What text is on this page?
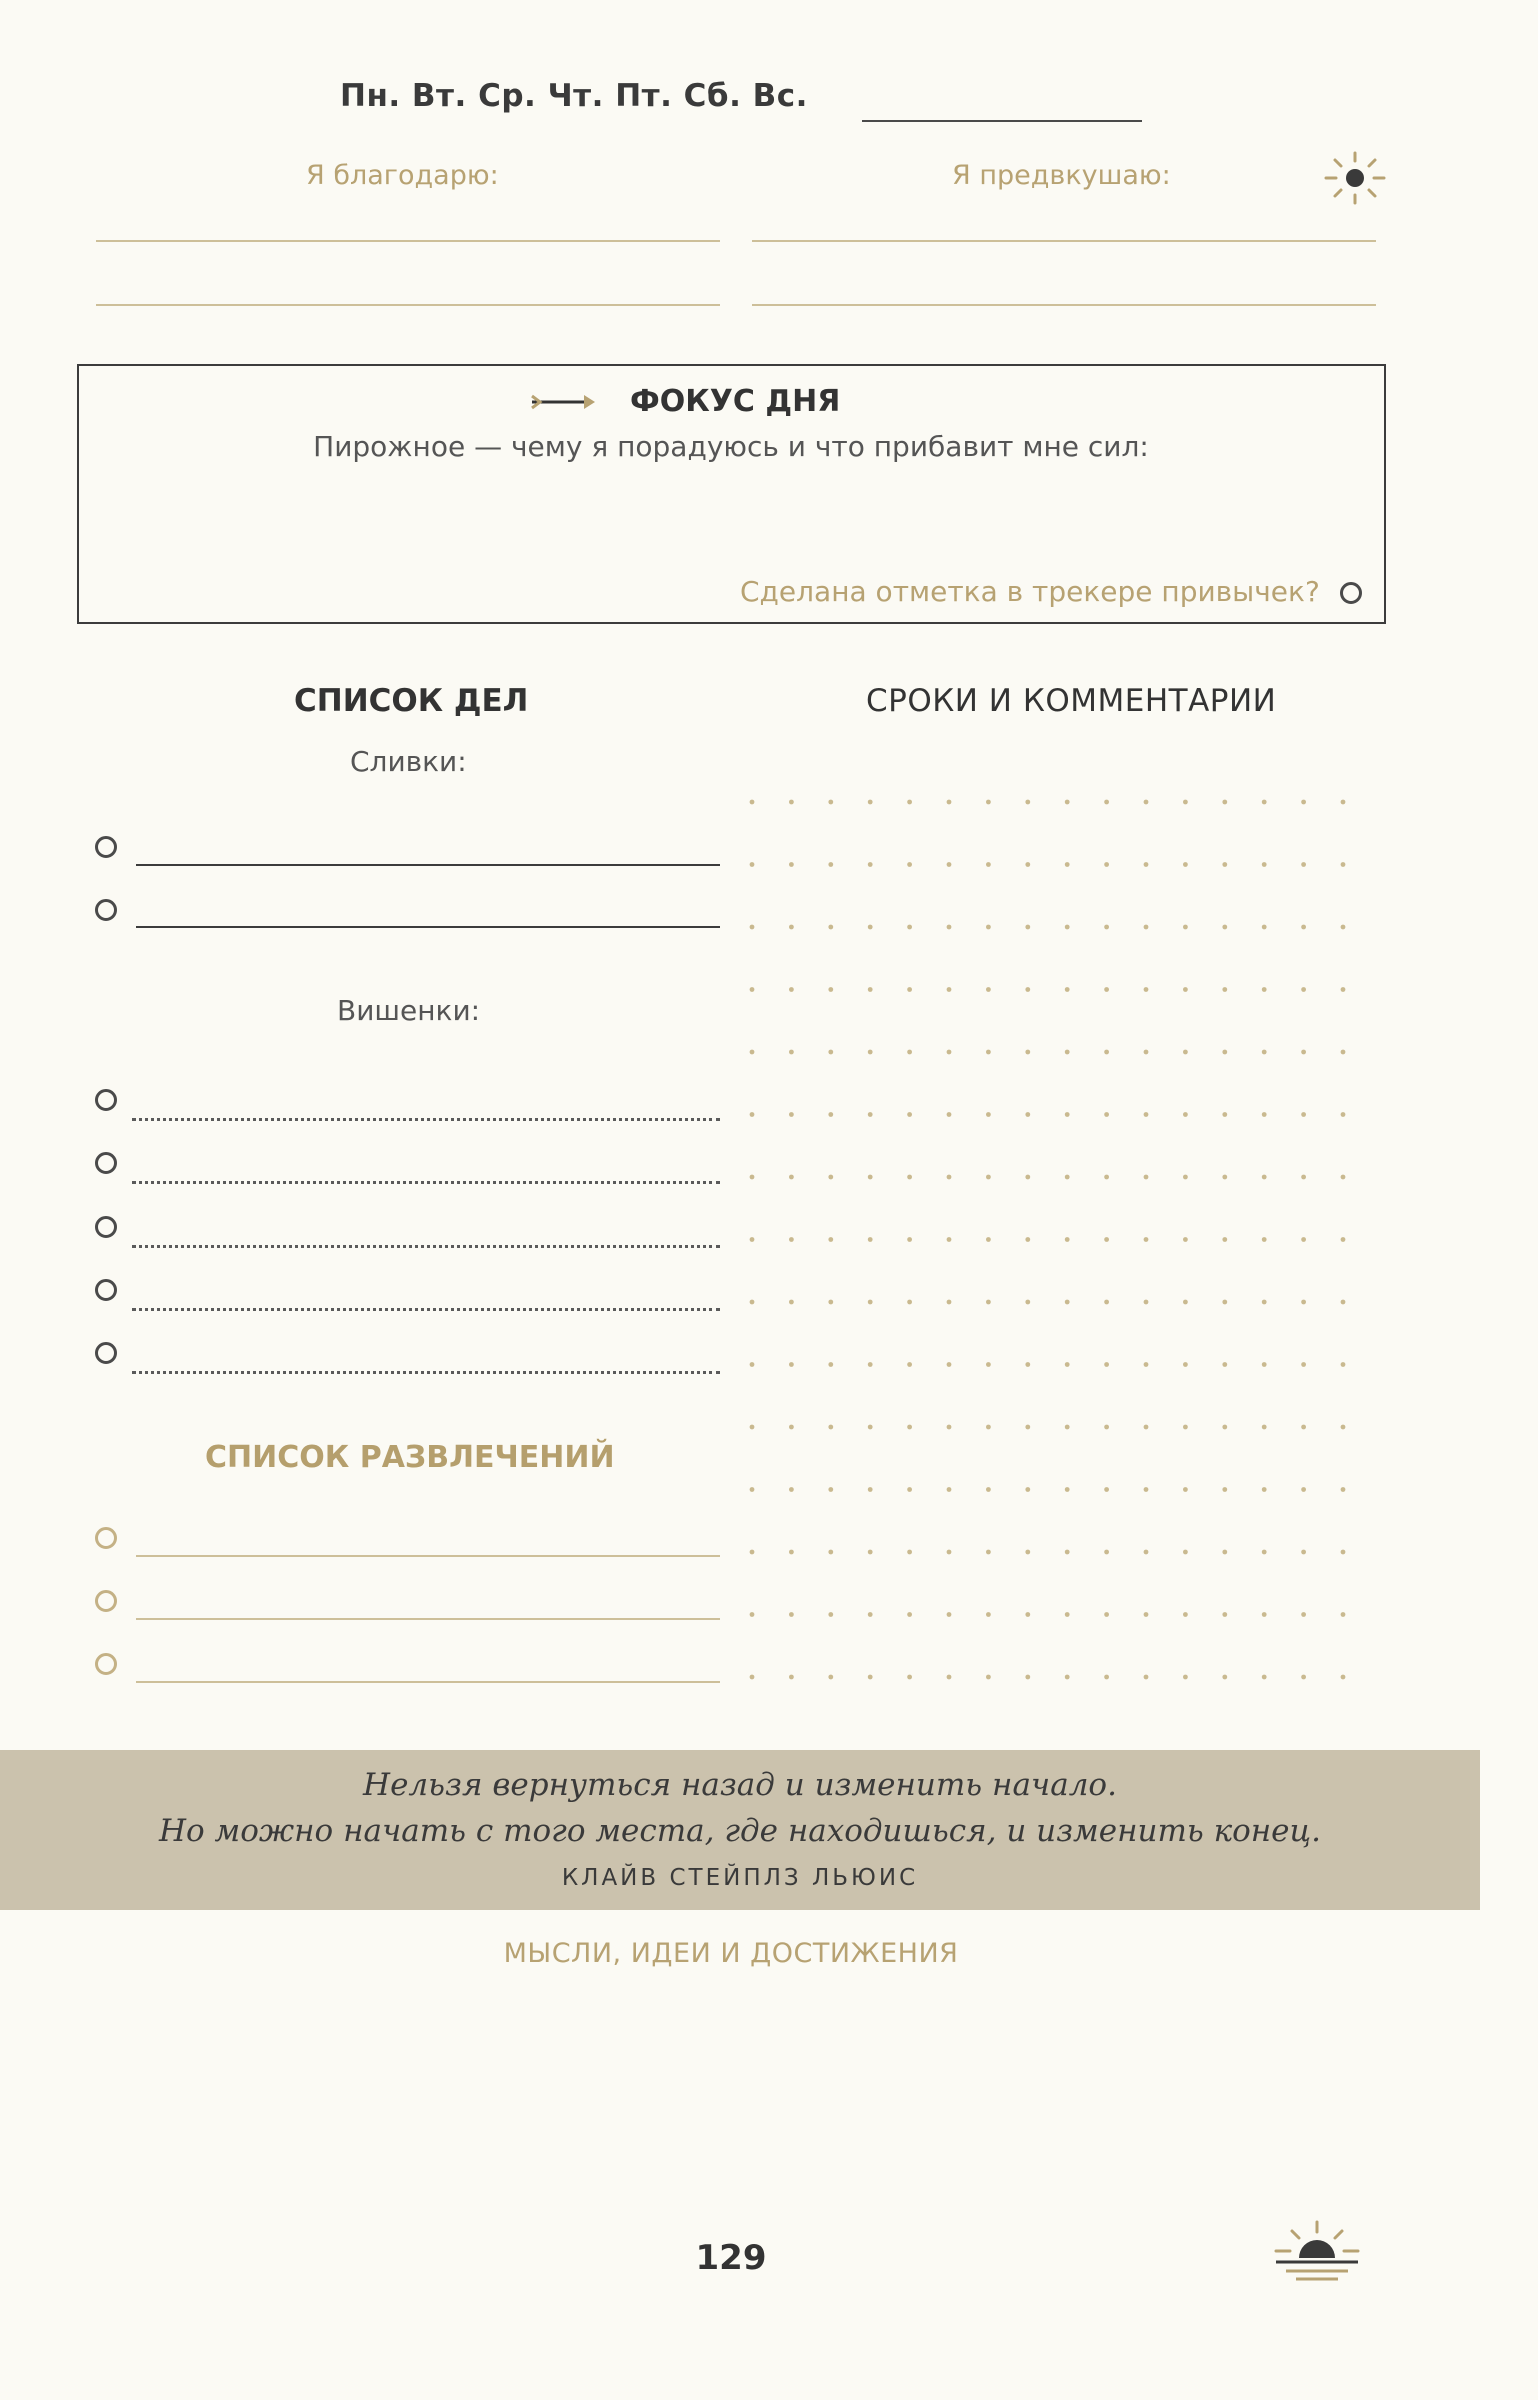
Пн. Вт. Ср. Чт. Пт. Сб. Вс.
Я благодарю:	Я предвкушаю:
ФОКУС ДНЯ
Пирожное — чему я порадуюсь и что прибавит мне сил:
Сделана отметка в трекере привычек?
СПИСОК ДЕЛ
Сливки:
Вишенки:
СПИСОК РАЗВЛЕЧЕНИЙ
СРОКИ И КОММЕНТАРИИ
Нельзя вернуться назад и изменить начало.
Но можно начать с того места, где находишься, и изменить конец.
КЛАЙВ СТЕЙПЛЗ ЛЬЮИС
МЫСЛИ, ИДЕИ И ДОСТИЖЕНИЯ
129
